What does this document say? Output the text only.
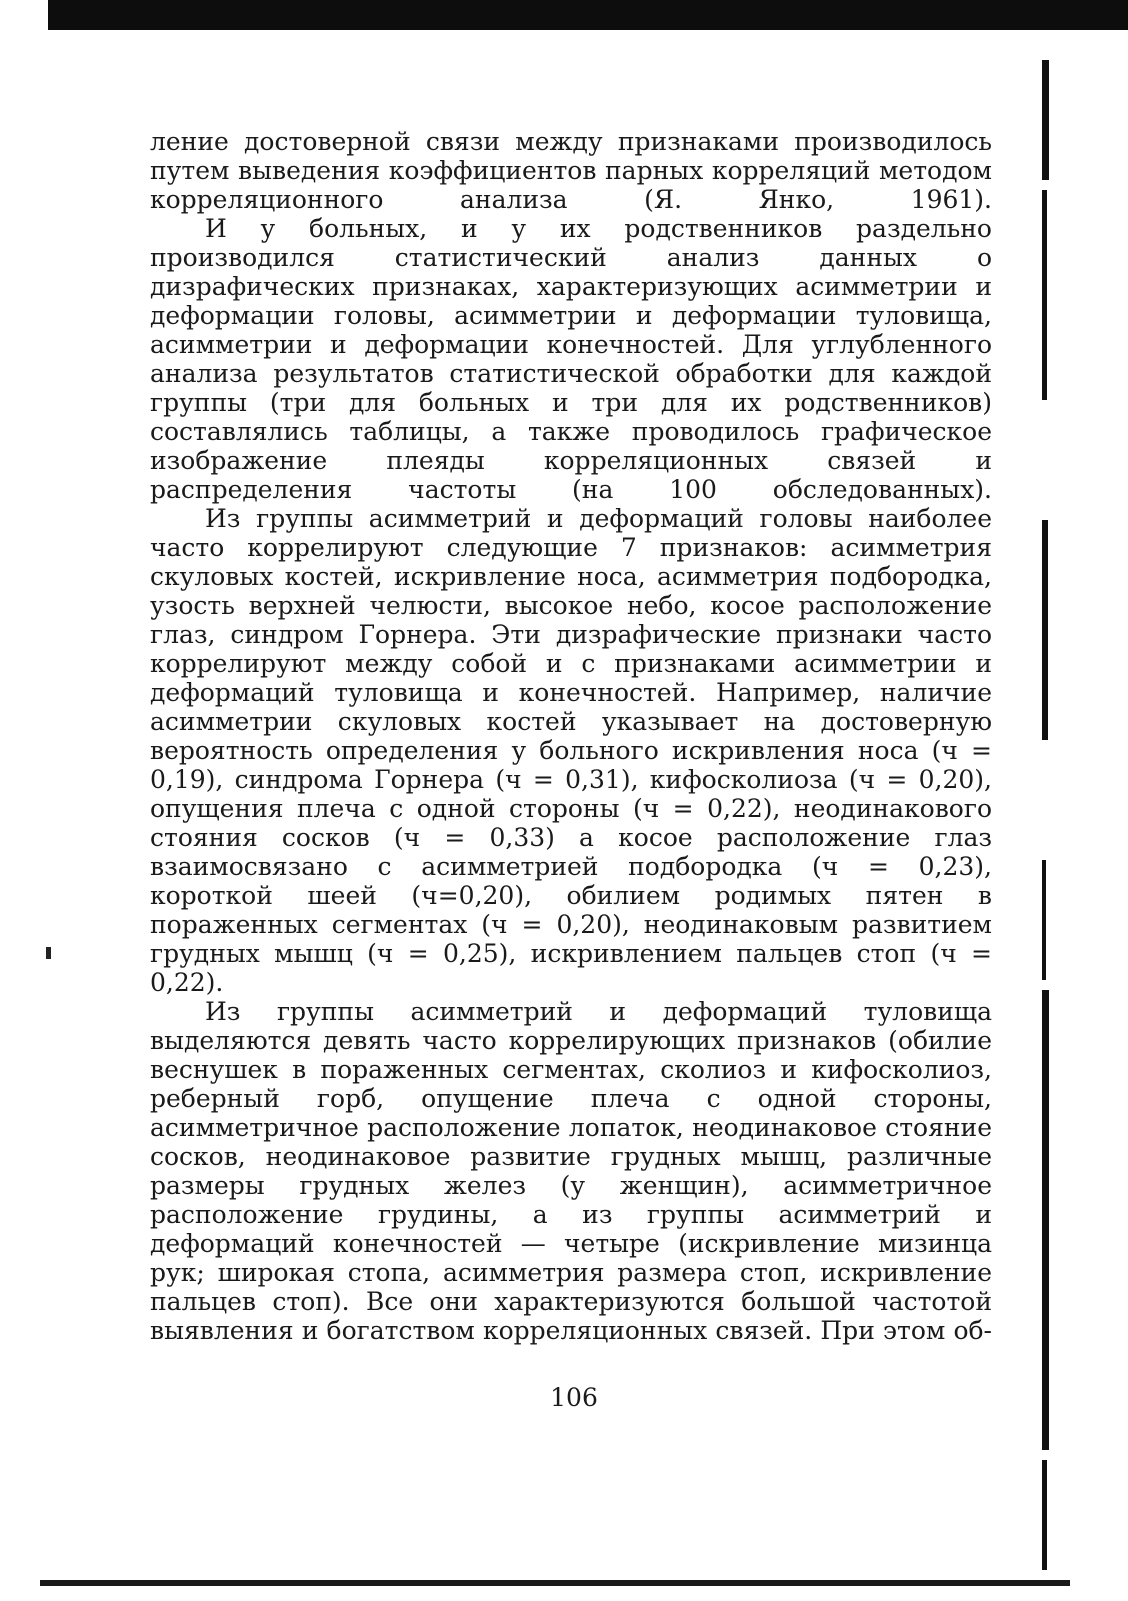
ление достоверной связи между признаками производилось путем выведения коэффициентов парных корреляций методом корреляционного анализа (Я. Янко, 1961).

И у больных, и у их родственников раздельно производился статистический анализ данных о дизрафических признаках, характеризующих асимметрии и деформации головы, асимметрии и деформации туловища, асимметрии и деформации конечностей. Для углубленного анализа результатов статистической обработки для каждой группы (три для больных и три для их родственников) составлялись таблицы, а также проводилось графическое изображение плеяды корреляционных связей и распределения частоты (на 100 обследованных).

Из группы асимметрий и деформаций головы наиболее часто коррелируют следующие 7 признаков: асимметрия скуловых костей, искривление носа, асимметрия подбородка, узость верхней челюсти, высокое небо, косое расположение глаз, синдром Горнера. Эти дизрафические признаки часто коррелируют между собой и с признаками асимметрии и деформаций туловища и конечностей. Например, наличие асимметрии скуловых костей указывает на достоверную вероятность определения у больного искривления носа (ч = 0,19), синдрома Горнера (ч = 0,31), кифосколиоза (ч = 0,20), опущения плеча с одной стороны (ч = 0,22), неодинакового стояния сосков (ч = 0,33) а косое расположение глаз взаимосвязано с асимметрией подбородка (ч = 0,23), короткой шеей (ч=0,20), обилием родимых пятен в пораженных сегментах (ч = 0,20), неодинаковым развитием грудных мышц (ч = 0,25), искривлением пальцев стоп (ч = 0,22).

Из группы асимметрий и деформаций туловища выделяются девять часто коррелирующих признаков (обилие веснушек в пораженных сегментах, сколиоз и кифосколиоз, реберный горб, опущение плеча с одной стороны, асимметричное расположение лопаток, неодинаковое стояние сосков, неодинаковое развитие грудных мышц, различные размеры грудных желез (у женщин), асимметричное расположение грудины, а из группы асимметрий и деформаций конечностей — четыре (искривление мизинца рук; широкая стопа, асимметрия размера стоп, искривление пальцев стоп). Все они характеризуются большой частотой выявления и богатством корреляционных связей. При этом об-

106
